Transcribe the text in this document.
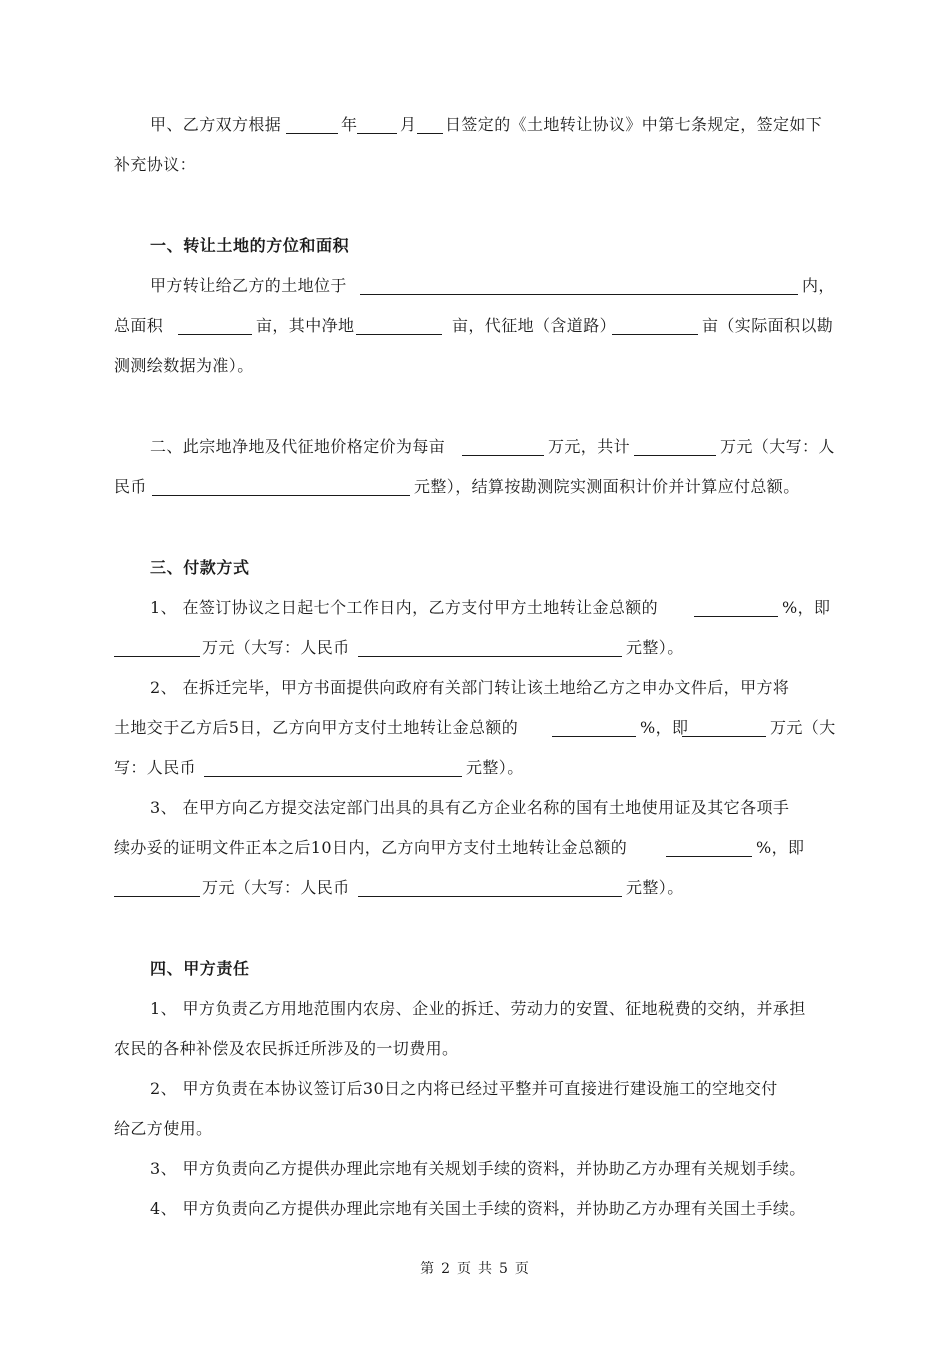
甲、乙方双方根据	年	月 日签定的《土地转让协议》中第七条规定，签定如下
补充协议：
一、转让土地的方位和面积
甲方转让给乙方的土地位于	内，
总面积	亩，其中净地	亩，代征地（含道路）	亩（实际面积以勘
测测绘数据为准）。
二、此宗地净地及代征地价格定价为每亩	万元，共计	万元（大写：人
民币	元整），结算按勘测院实测面积计价并计算应付总额。
三、付款方式
1、 在签订协议之日起七个工作日内，乙方支付甲方土地转让金总额的	%，即
万元（大写：人民币	元整）。
2、 在拆迁完毕，甲方书面提供向政府有关部门转让该土地给乙方之申办文件后，甲方将
土地交于乙方后5日，乙方向甲方支付土地转让金总额的	%，即	万元（大
写：人民币	元整）。
3、 在甲方向乙方提交法定部门出具的具有乙方企业名称的国有土地使用证及其它各项手
续办妥的证明文件正本之后10日内，乙方向甲方支付土地转让金总额的	%，即
万元（大写：人民币	元整）。
四、甲方责任
1、 甲方负责乙方用地范围内农房、企业的拆迁、劳动力的安置、征地税费的交纳，并承担
农民的各种补偿及农民拆迁所涉及的一切费用。
2、 甲方负责在本协议签订后30日之内将已经过平整并可直接进行建设施工的空地交付
给乙方使用。
3、 甲方负责向乙方提供办理此宗地有关规划手续的资料，并协助乙方办理有关规划手续。
4、 甲方负责向乙方提供办理此宗地有关国土手续的资料，并协助乙方办理有关国土手续。
第 2 页 共 5 页
